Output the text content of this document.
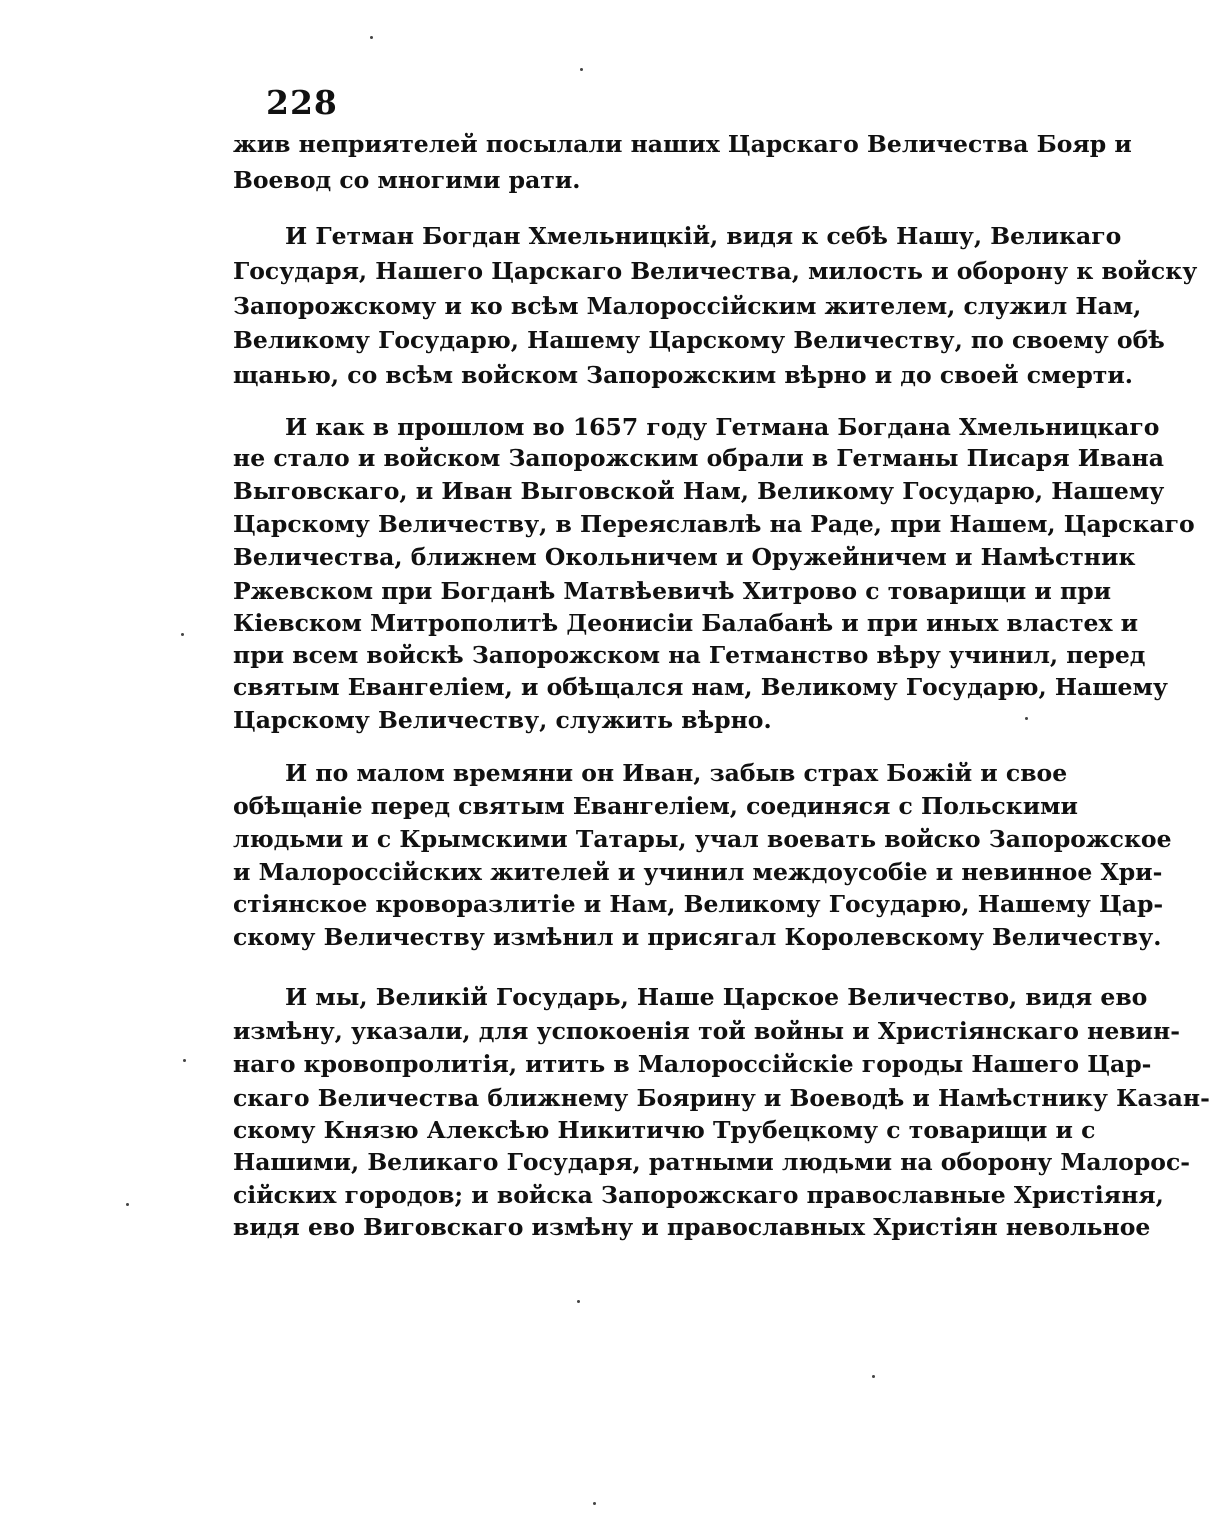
228
жив неприятелей посылали наших Царскаго Величества Бояр и
Воевод со многими рати.
И Гетман Богдан Хмельницкій, видя к себѣ Нашу, Великаго
Государя, Нашего Царскаго Величества, милость и оборону к войску
Запорожскому и ко всѣм Малороссійским жителем, служил Нам,
Великому Государю, Нашему Царскому Величеству, по своему обѣ
щанью, со всѣм войском Запорожским вѣрно и до своей смерти.
И как в прошлом во 1657 году Гетмана Богдана Хмельницкаго
не стало и войском Запорожским обрали в Гетманы Писаря Ивана
Выговскаго, и Иван Выговской Нам, Великому Государю, Нашему
Царскому Величеству, в Переяславлѣ на Раде, при Нашем, Царскаго
Величества, ближнем Окольничем и Оружейничем и Намѣстник
Ржевском при Богданѣ Матвѣевичѣ Хитрово с товарищи и при
Кіевском Митрополитѣ Деонисіи Балабанѣ и при иных властех и
при всем войскѣ Запорожском на Гетманство вѣру учинил, перед
святым Евангеліем, и обѣщался нам, Великому Государю, Нашему
Царскому Величеству, служить вѣрно.
И по малом времяни он Иван, забыв страх Божій и свое
обѣщаніе перед святым Евангеліем, соединяся с Польскими
людьми и с Крымскими Татары, учал воевать войско Запорожское
и Малороссійских жителей и учинил междоусобіе и невинное Хри-
стіянское кроворазлитіе и Нам, Великому Государю, Нашему Цар-
скому Величеству измѣнил и присягал Королевскому Величеству.
И мы, Великій Государь, Наше Царское Величество, видя ево
измѣну, указали, для успокоенія той войны и Христіянскаго невин-
наго кровопролитія, итить в Малороссійскіе городы Нашего Цар-
скаго Величества ближнему Боярину и Воеводѣ и Намѣстнику Казан-
скому Князю Алексѣю Никитичю Трубецкому с товарищи и с
Нашими, Великаго Государя, ратными людьми на оборону Малорос-
сійских городов; и войска Запорожскаго православные Христіяня,
видя ево Виговскаго измѣну и православных Христіян невольное
